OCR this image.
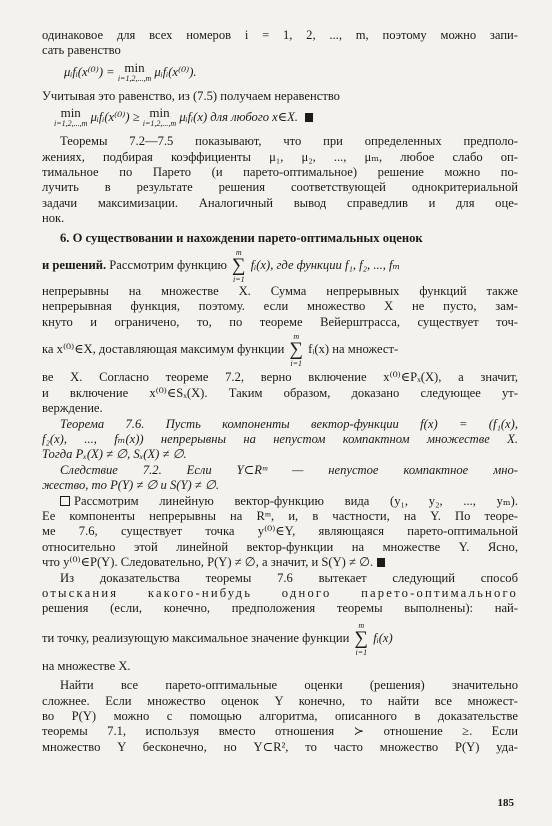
одинаковое для всех номеров i = 1, 2, ..., m, поэтому можно запи-
сать равенство
μᵢfᵢ(x⁽⁰⁾) = min
i=1,2,...,m μᵢfᵢ(x⁽⁰⁾).
Учитывая это равенство, из (7.5) получаем неравенство
min
i=1,2,...,m μᵢfᵢ(x⁽⁰⁾) ≥ min
i=1,2,...,m μᵢfᵢ(x) для любого x∈X.
Теоремы 7.2—7.5 показывают, что при определенных предполо-
жениях, подбирая коэффициенты μ₁, μ₂, ..., μₘ, любое слабо оп-
тимальное по Парето (и парето-оптимальное) решение можно по-
лучить в результате решения соответствующей однокритериальной
задачи максимизации. Аналогичный вывод справедлив и для оце-
нок.
6. О существовании и нахождении парето-оптимальных оценок
и решений. Рассмотрим функцию
m
∑
i=1
fᵢ(x), где функции f₁, f₂, ..., fₘ
непрерывны на множестве X. Сумма непрерывных функций также
непрерывная функция, поэтому. если множество X не пусто, зам-
кнуто и ограничено, то, по теореме Вейерштрасса, существует точ-
ка x⁽⁰⁾∈X, доставляющая максимум функции
m
∑
i=1
fᵢ(x) на множест-
ве X. Согласно теореме 7.2, верно включение x⁽⁰⁾∈Pₓ(X), а значит,
и включение x⁽⁰⁾∈Sₓ(X). Таким образом, доказано следующее ут-
верждение.
Теорема 7.6. Пусть компоненты вектор-функции f(x) = (f₁(x),
f₂(x), ..., fₘ(x)) непрерывны на непустом компактном множестве X.
Тогда Pₓ(X) ≠ ∅, Sₓ(X) ≠ ∅.
Следствие 7.2. Если Y⊂Rᵐ — непустое компактное мно-
жество, то P(Y) ≠ ∅ и S(Y) ≠ ∅.
Рассмотрим линейную вектор-функцию вида (y₁, y₂, ..., yₘ).
Ее компоненты непрерывны на Rᵐ, и, в частности, на Y. По теоре-
ме 7.6, существует точка y⁽⁰⁾∈Y, являющаяся парето-оптимальной
относительно этой линейной вектор-функции на множестве Y. Ясно,
что y⁽⁰⁾∈P(Y). Следовательно, P(Y) ≠ ∅, а значит, и S(Y) ≠ ∅.
Из доказательства теоремы 7.6 вытекает следующий способ
отыскания какого-нибудь одного парето-оптимального
решения (если, конечно, предположения теоремы выполнены): най-
ти точку, реализующую максимальное значение функции
m
∑
i=1
fᵢ(x)
на множестве X.
Найти все парето-оптимальные оценки (решения) значительно
сложнее. Если множество оценок Y конечно, то найти все множест-
во P(Y) можно с помощью алгоритма, описанного в доказательстве
теоремы 7.1, используя вместо отношения ≻ отношение ≥. Если
множество Y бесконечно, но Y⊂R², то часто множество P(Y) уда-
185
